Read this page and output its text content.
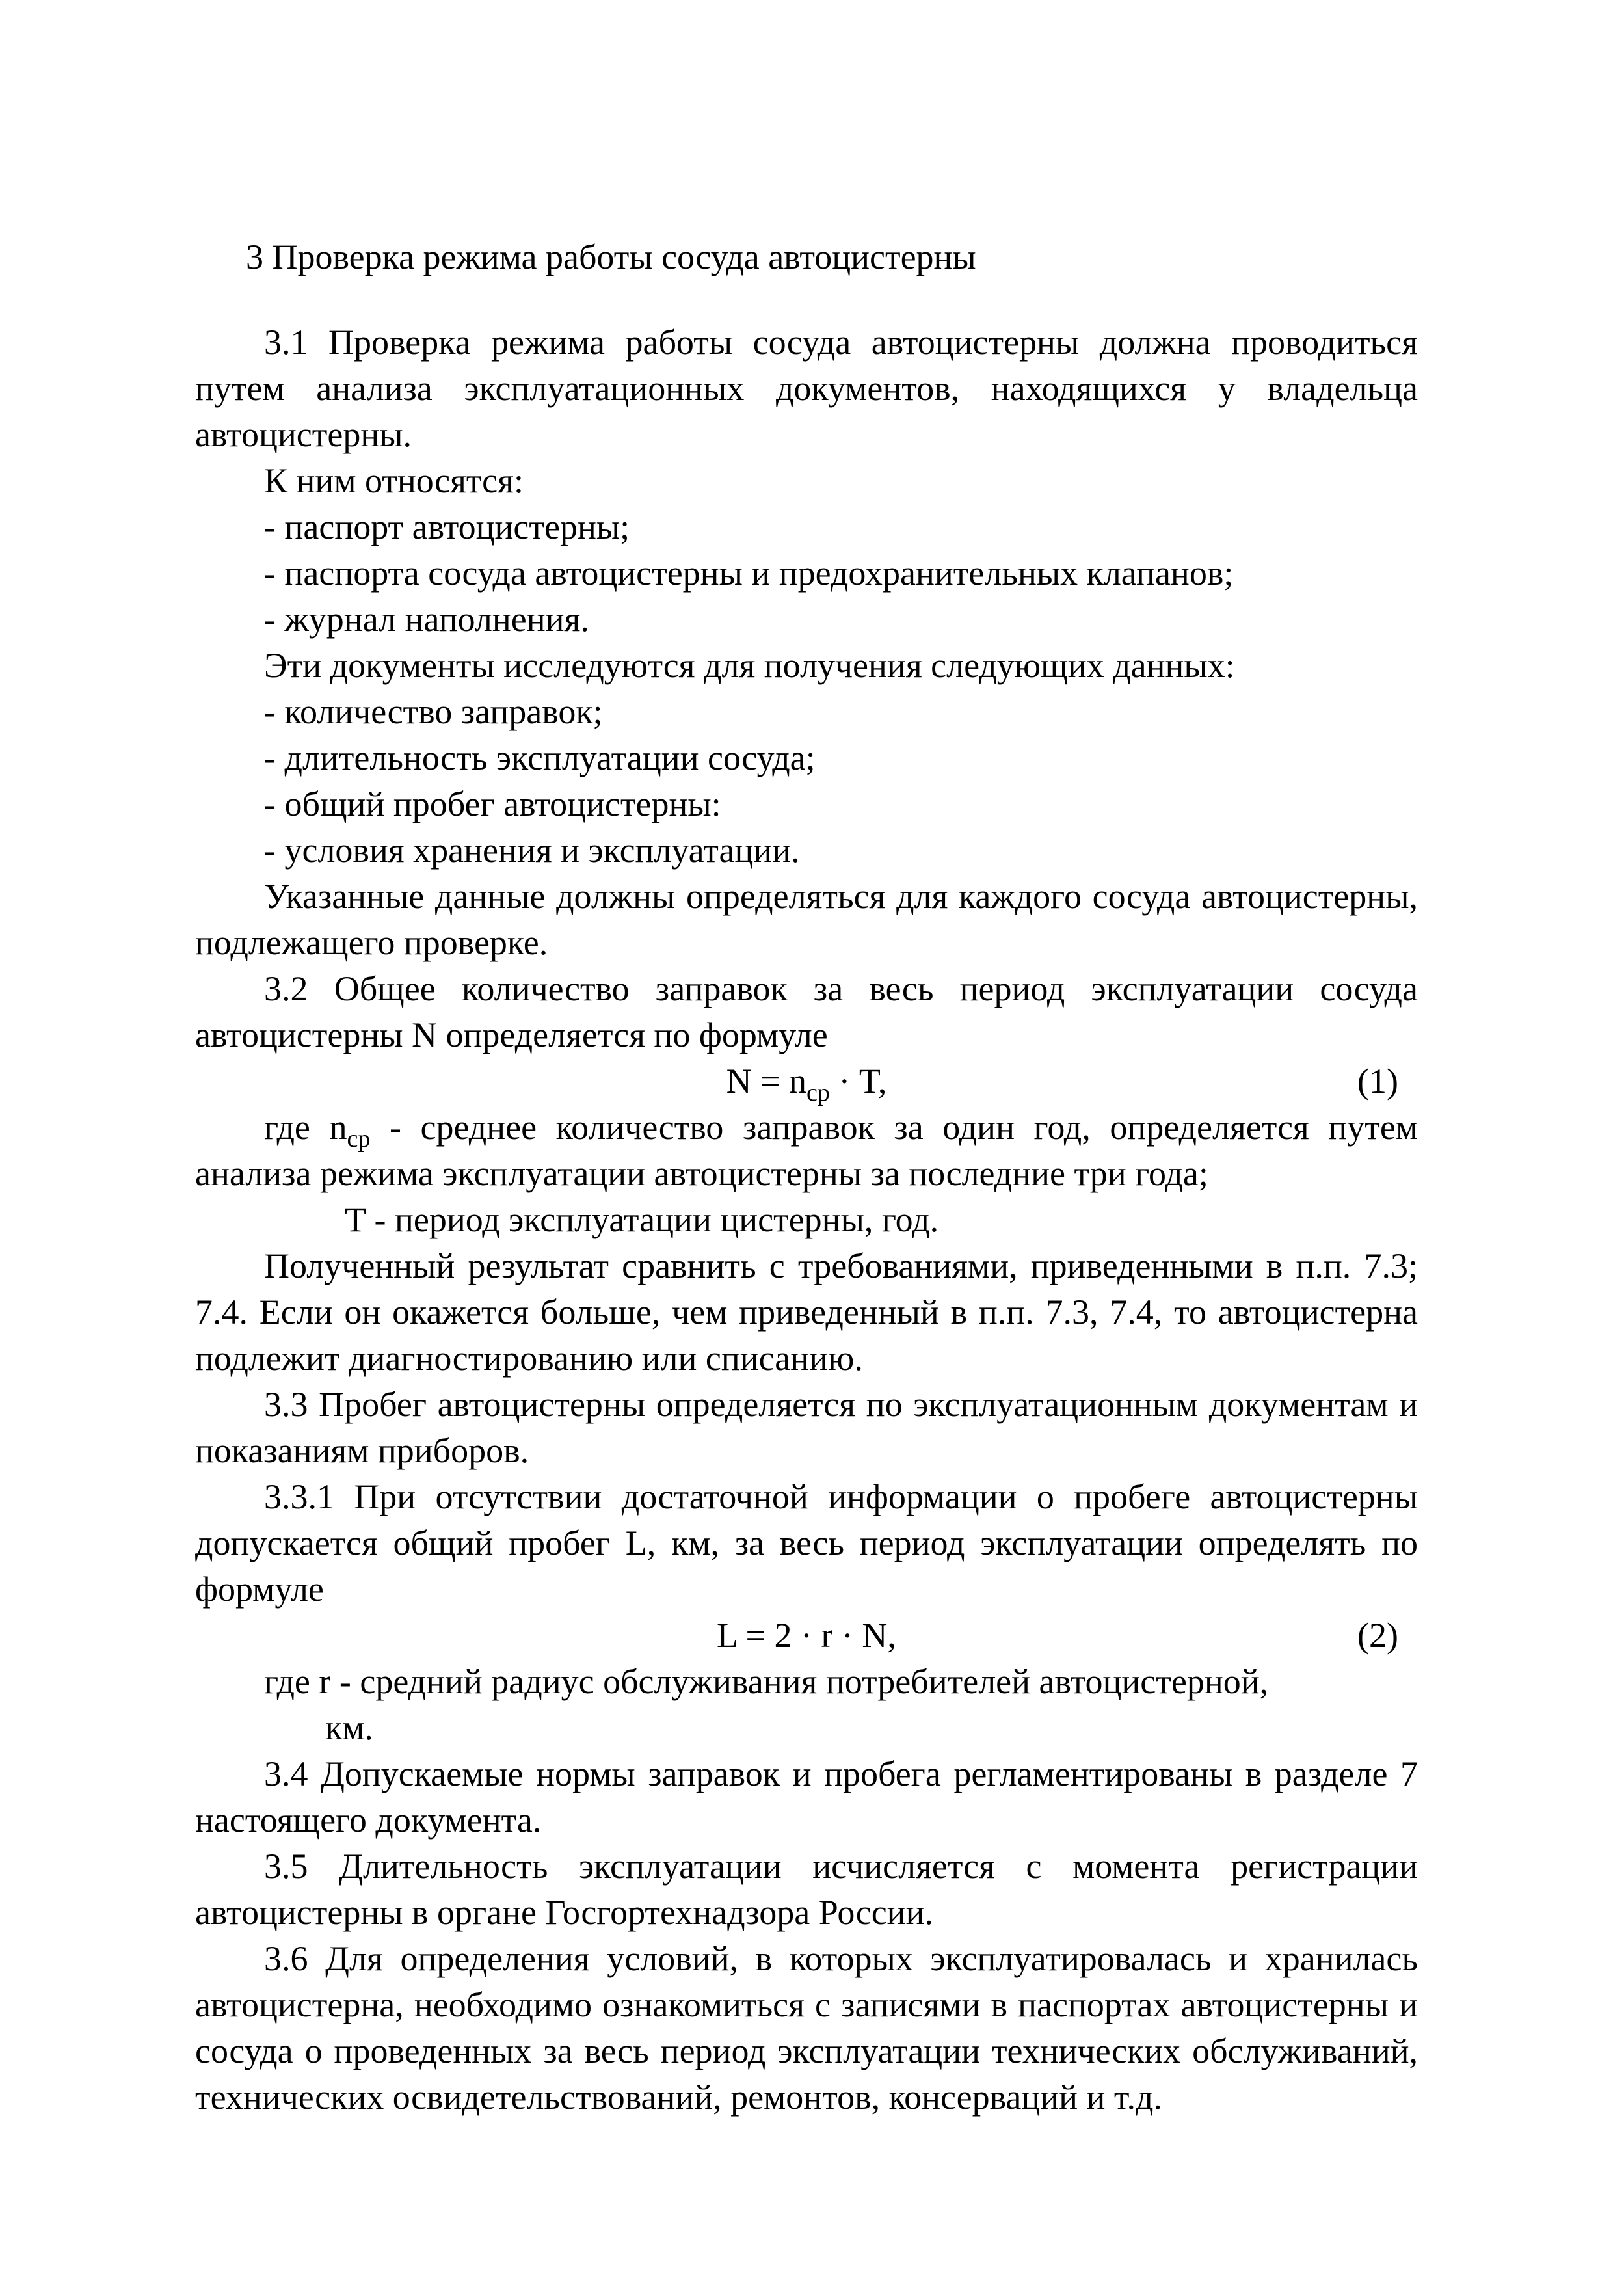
3 Проверка режима работы сосуда автоцистерны

3.1 Проверка режима работы сосуда автоцистерны должна проводиться путем анализа эксплуатационных документов, находящихся у владельца автоцистерны.

К ним относятся:

- паспорт автоцистерны;

- паспорта сосуда автоцистерны и предохранительных клапанов;

- журнал наполнения.

Эти документы исследуются для получения следующих данных:

- количество заправок;

- длительность эксплуатации сосуда;

- общий пробег автоцистерны:

- условия хранения и эксплуатации.

Указанные данные должны определяться для каждого сосуда автоцистерны, подлежащего проверке.

3.2 Общее количество заправок за весь период эксплуатации сосуда автоцистерны N определяется по формуле

$N = n_{ср} \cdot T$,	(1)

где $n_{ср}$ - среднее количество заправок за один год, определяется путем анализа режима эксплуатации автоцистерны за последние три года;

T - период эксплуатации цистерны, год.

Полученный результат сравнить с требованиями, приведенными в п.п. 7.3; 7.4. Если он окажется больше, чем приведенный в п.п. 7.3, 7.4, то автоцистерна подлежит диагностированию или списанию.

3.3 Пробег автоцистерны определяется по эксплуатационным документам и показаниям приборов.

3.3.1 При отсутствии достаточной информации о пробеге автоцистерны допускается общий пробег L, км, за весь период эксплуатации определять по формуле

L = 2 · r · N,	(2)

где r - средний радиус обслуживания потребителей автоцистерной,

км.

3.4 Допускаемые нормы заправок и пробега регламентированы в разделе 7 настоящего документа.

3.5 Длительность эксплуатации исчисляется с момента регистрации автоцистерны в органе Госгортехнадзора России.

3.6 Для определения условий, в которых эксплуатировалась и хранилась автоцистерна, необходимо ознакомиться с записями в паспортах автоцистерны и сосуда о проведенных за весь период эксплуатации технических обслуживаний, технических освидетельствований, ремонтов, консерваций и т.д.
